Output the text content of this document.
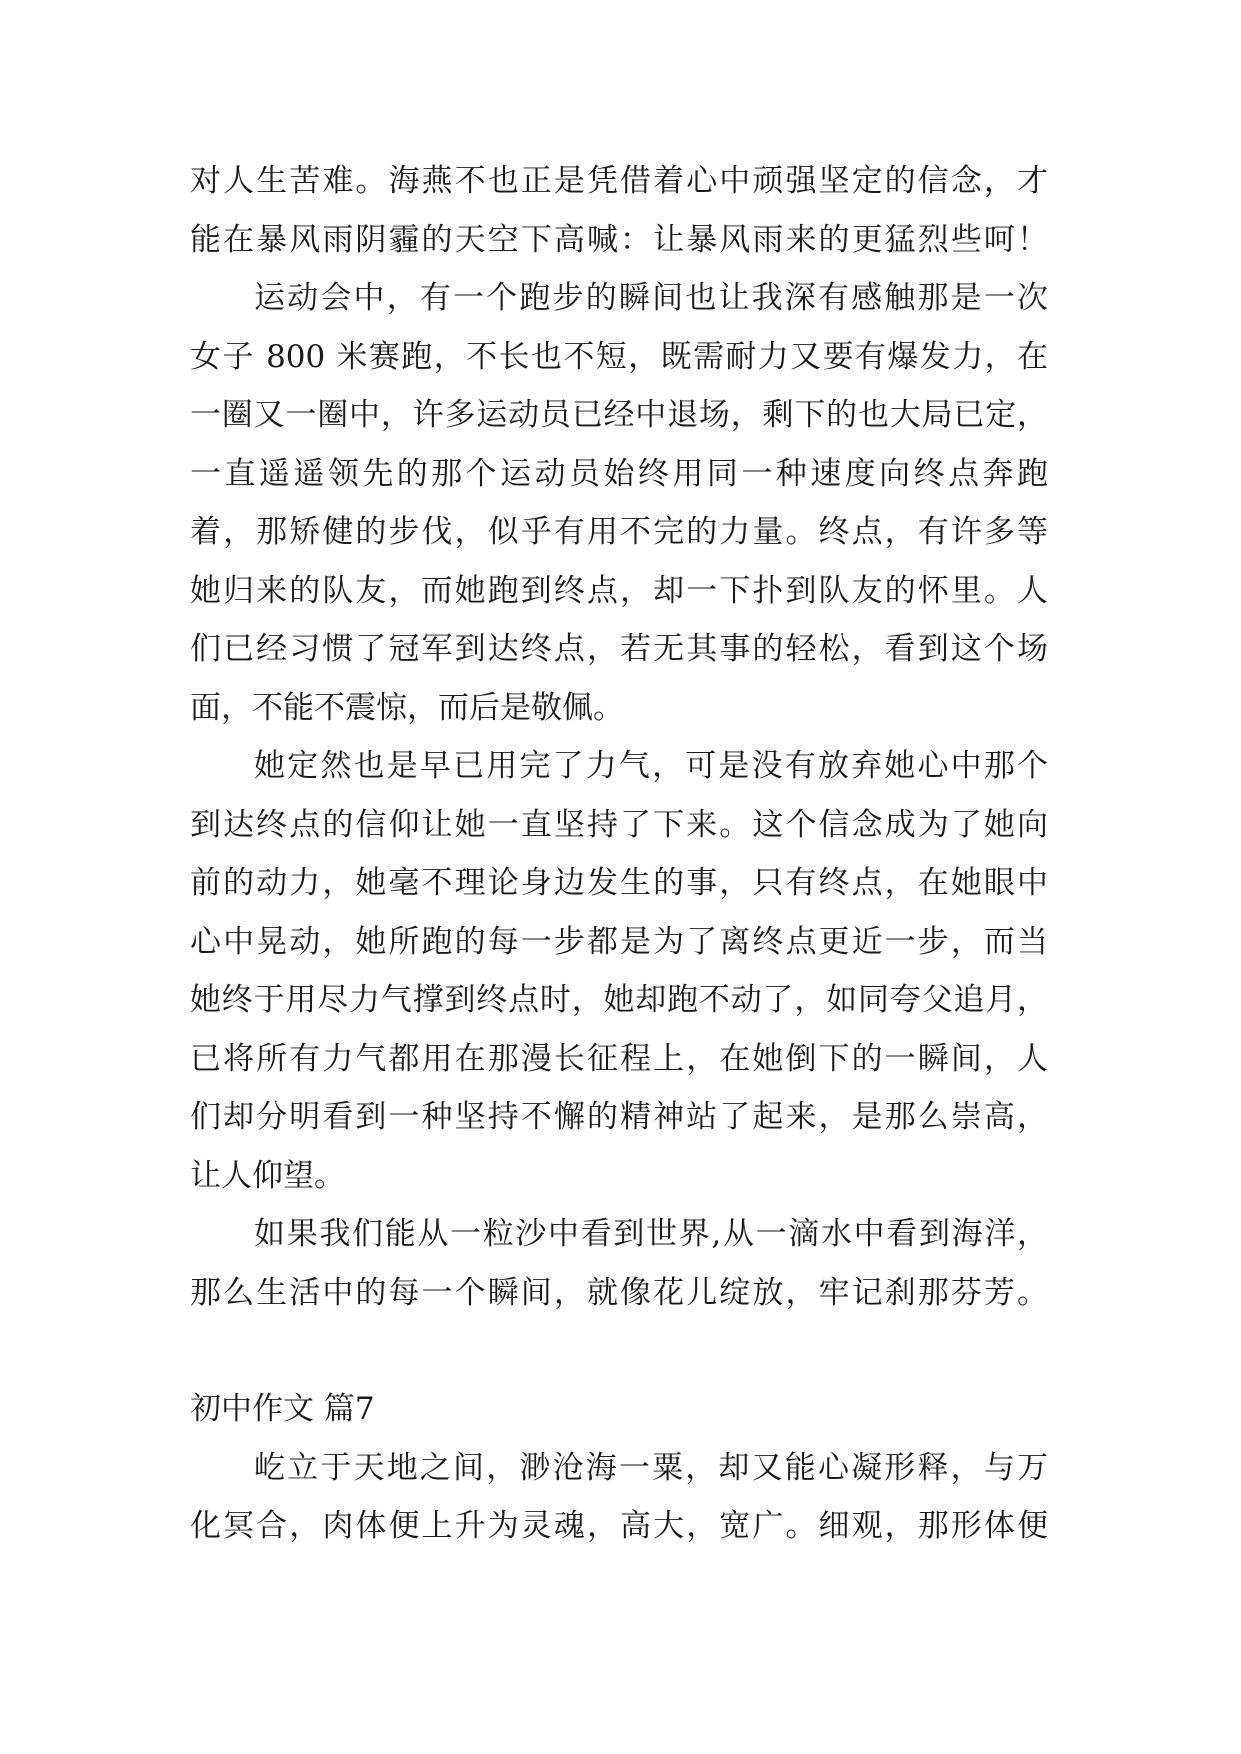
对人生苦难。海燕不也正是凭借着心中顽强坚定的信念，才
能在暴风雨阴霾的天空下高喊：让暴风雨来的更猛烈些呵！
运动会中，有一个跑步的瞬间也让我深有感触那是一次
女子 800 米赛跑，不长也不短，既需耐力又要有爆发力，在
一圈又一圈中，许多运动员已经中退场，剩下的也大局已定，
一直遥遥领先的那个运动员始终用同一种速度向终点奔跑
着，那矫健的步伐，似乎有用不完的力量。终点，有许多等
她归来的队友，而她跑到终点，却一下扑到队友的怀里。人
们已经习惯了冠军到达终点，若无其事的轻松，看到这个场
面，不能不震惊，而后是敬佩。
她定然也是早已用完了力气，可是没有放弃她心中那个
到达终点的信仰让她一直坚持了下来。这个信念成为了她向
前的动力，她毫不理论身边发生的事，只有终点，在她眼中
心中晃动，她所跑的每一步都是为了离终点更近一步，而当
她终于用尽力气撑到终点时，她却跑不动了，如同夸父追月，
已将所有力气都用在那漫长征程上，在她倒下的一瞬间，人
们却分明看到一种坚持不懈的精神站了起来，是那么崇高，
让人仰望。
如果我们能从一粒沙中看到世界,从一滴水中看到海洋，
那么生活中的每一个瞬间，就像花儿绽放，牢记刹那芬芳。
初中作文 篇7
屹立于天地之间，渺沧海一粟，却又能心凝形释，与万
化冥合，肉体便上升为灵魂，高大，宽广。细观，那形体便
